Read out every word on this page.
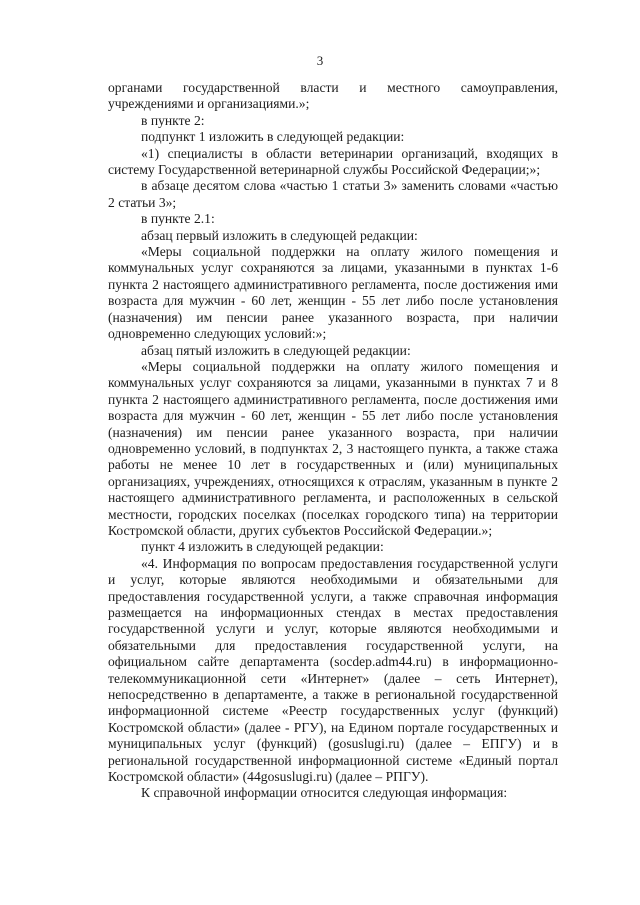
3

органами государственной власти и местного самоуправления, учреждениями и организациями.»;

в пункте 2:

подпункт 1 изложить в следующей редакции:

«1) специалисты в области ветеринарии организаций, входящих в систему Государственной ветеринарной службы Российской Федерации;»;

в абзаце десятом слова «частью 1 статьи 3» заменить словами «частью 2 статьи 3»;

в пункте 2.1:

абзац первый изложить в следующей редакции:

«Меры социальной поддержки на оплату жилого помещения и коммунальных услуг сохраняются за лицами, указанными в пунктах 1-6 пункта 2 настоящего административного регламента, после достижения ими возраста для мужчин - 60 лет, женщин - 55 лет либо после установления (назначения) им пенсии ранее указанного возраста, при наличии одновременно следующих условий:»;

абзац пятый изложить в следующей редакции:

«Меры социальной поддержки на оплату жилого помещения и коммунальных услуг сохраняются за лицами, указанными в пунктах 7 и 8 пункта 2 настоящего административного регламента, после достижения ими возраста для мужчин - 60 лет, женщин - 55 лет либо после установления (назначения) им пенсии ранее указанного возраста, при наличии одновременно условий, в подпунктах 2, 3 настоящего пункта, а также стажа работы не менее 10 лет в государственных и (или) муниципальных организациях, учреждениях, относящихся к отраслям, указанным в пункте 2 настоящего административного регламента, и расположенных в сельской местности, городских поселках (поселках городского типа) на территории Костромской области, других субъектов Российской Федерации.»;

пункт 4 изложить в следующей редакции:

«4. Информация по вопросам предоставления государственной услуги и услуг, которые являются необходимыми и обязательными для предоставления государственной услуги, а также справочная информация размещается на информационных стендах в местах предоставления государственной услуги и услуг, которые являются необходимыми и обязательными для предоставления государственной услуги, на официальном сайте департамента (socdep.adm44.ru) в информационно-телекоммуникационной сети «Интернет» (далее – сеть Интернет), непосредственно в департаменте, а также в региональной государственной информационной системе «Реестр государственных услуг (функций) Костромской области» (далее - РГУ), на Едином портале государственных и муниципальных услуг (функций) (gosuslugi.ru) (далее – ЕПГУ) и в региональной государственной информационной системе «Единый портал Костромской области» (44gosuslugi.ru) (далее – РПГУ).

К справочной информации относится следующая информация:
